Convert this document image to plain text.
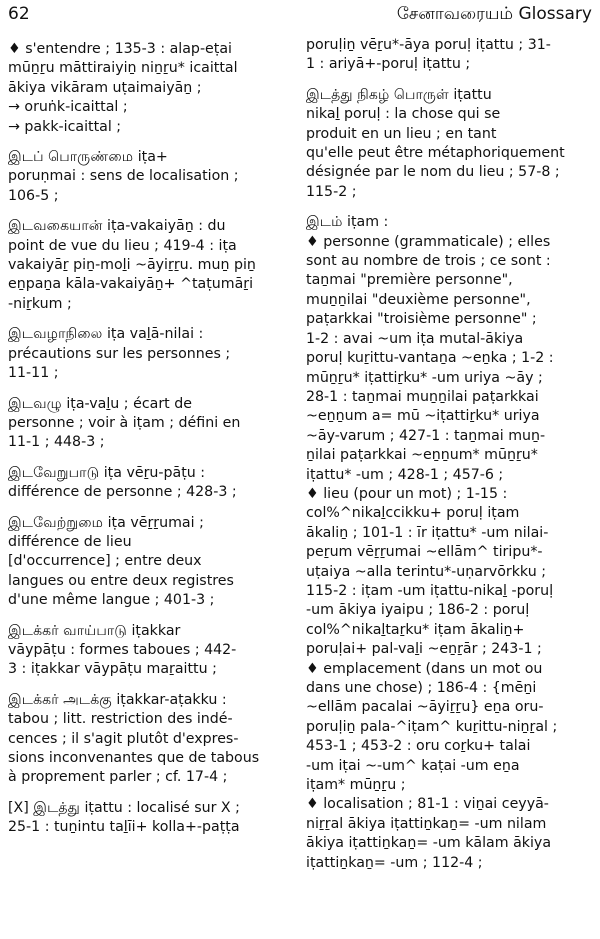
62	சேனாவரையம் Glossary
♦ s'entendre ; 135-3 : alap-eṭai
mūṉṟu māttiraiyiṉ niṉṟu* icaittal
ākiya vikāram uṭaimaiyāṉ ;
→ oruṅk-icaittal ;
→ pakk-icaittal ;
இடப் பொருண்மை iṭa+
poruṇmai : sens de localisation ;
106-5 ;
இடவகையான் iṭa-vakaiyāṉ : du
point de vue du lieu ; 419-4 : iṭa
vakaiyāṟ piṉ-moḻi ~āyiṟṟu. muṉ piṉ
eṉpaṉa kāla-vakaiyāṉ+ ^taṭumāṟi
-niṟkum ;
இடவழாநிலை iṭa vaḻā-nilai :
précautions sur les personnes ;
11-11 ;
இடவழு iṭa-vaḻu ; écart de
personne ; voir à iṭam ; défini en
11-1 ; 448-3 ;
இடவேறுபாடு iṭa vēṟu-pāṭu :
différence de personne ; 428-3 ;
இடவேற்றுமை iṭa vēṟṟumai ;
différence de lieu
[d'occurrence] ; entre deux
langues ou entre deux registres
d'une même langue ; 401-3 ;
இடக்கர் வாய்பாடு iṭakkar
vāypāṭu : formes taboues ; 442-
3 : iṭakkar vāypāṭu maṟaittu ;
இடக்கர் அடக்கு iṭakkar-aṭakku :
tabou ; litt. restriction des indé-
cences ; il s'agit plutôt d'expres-
sions inconvenantes que de tabous
à proprement parler ; cf. 17-4 ;
[X] இடத்து iṭattu : localisé sur X ;
25-1 : tuṉintu taḻīi+ kolla+-paṭṭa
poruḷiṉ vēṟu*-āya poruḷ iṭattu ; 31-
1 : ariyā+-poruḷ iṭattu ;
இடத்து நிகழ் பொருள் iṭattu
nikaḻ poruḷ : la chose qui se
produit en un lieu ; en tant
qu'elle peut être métaphoriquement
désignée par le nom du lieu ; 57-8 ;
115-2 ;
இடம் iṭam :
♦ personne (grammaticale) ; elles
sont au nombre de trois ; ce sont :
taṉmai "première personne",
muṉṉilai "deuxième personne",
paṭarkkai "troisième personne" ;
1-2 : avai ~um iṭa mutal-ākiya
poruḷ kuṟittu-vantaṉa ~eṉka ; 1-2 :
mūṉṟu* iṭattiṟku* -um uriya ~āy ;
28-1 : taṉmai muṉṉilai paṭarkkai
~eṉṉum a= mū ~iṭattiṟku* uriya
~āy-varum ; 427-1 : taṉmai muṉ-
ṉilai paṭarkkai ~eṉṉum* mūṉṟu*
iṭattu* -um ; 428-1 ; 457-6 ;
♦ lieu (pour un mot) ; 1-15 :
col%^nikaḻccikku+ poruḷ iṭam
ākaliṉ ; 101-1 : īr iṭattu* -um nilai-
peṟum vēṟṟumai ~ellām^ tiripu*-
uṭaiya ~alla terintu*-uṇarvōrkku ;
115-2 : iṭam -um iṭattu-nikaḻ -poruḷ
-um ākiya iyaipu ; 186-2 : poruḷ
col%^nikaḻtaṟku* iṭam ākaliṉ+
poruḷai+ pal-vaḻi ~eṉṟār ; 243-1 ;
♦ emplacement (dans un mot ou
dans une chose) ; 186-4 : {mēṉi
~ellām pacalai ~āyiṟṟu} eṉa oru-
poruḷiṉ pala-^iṭam^ kuṟittu-niṉṟal ;
453-1 ; 453-2 : oru coṟku+ talai
-um iṭai ~-um^ kaṭai -um eṉa
iṭam* mūṉṟu ;
♦ localisation ; 81-1 : viṉai ceyyā-
niṟṟal ākiya iṭattiṉkaṉ= -um nilam
ākiya iṭattiṉkaṉ= -um kālam ākiya
iṭattiṉkaṉ= -um ; 112-4 ;
